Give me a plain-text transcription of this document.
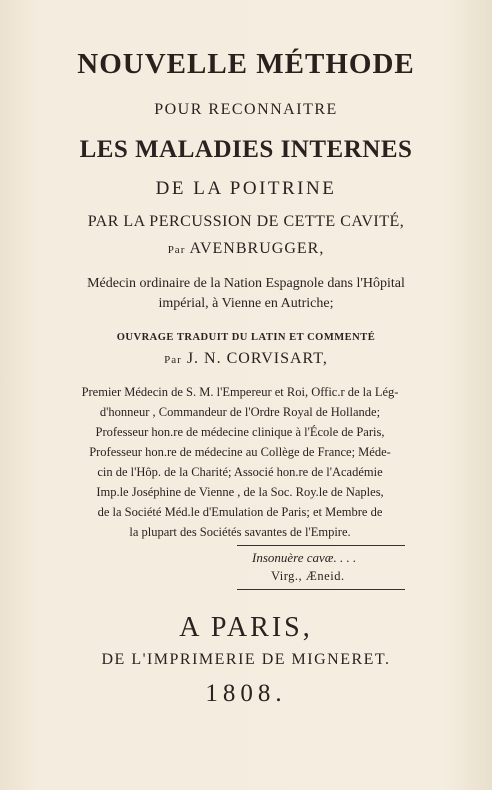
NOUVELLE MÉTHODE
POUR RECONNAITRE
LES MALADIES INTERNES
DE LA POITRINE
PAR LA PERCUSSION DE CETTE CAVITÉ,
Par AVENBRUGGER,
Médecin ordinaire de la Nation Espagnole dans l'Hôpital
impérial, à Vienne en Autriche;
OUVRAGE TRADUIT DU LATIN ET COMMENTÉ
Par J. N. CORVISART,
Premier Médecin de S. M. l'Empereur et Roi, Offic.r de la Lég-
d'honneur , Commandeur de l'Ordre Royal de Hollande;
Professeur hon.re de médecine clinique à l'École de Paris,
Professeur hon.re de médecine au Collège de France; Méde-
cin de l'Hôp. de la Charité; Associé hon.re de l'Académie
Imp.le Joséphine de Vienne , de la Soc. Roy.le de Naples,
de la Société Méd.le d'Emulation de Paris; et Membre de
la plupart des Sociétés savantes de l'Empire.
Insonuère cavæ. . . .
Virg., Æneid.
A PARIS,
DE L'IMPRIMERIE DE MIGNERET.
1808.
